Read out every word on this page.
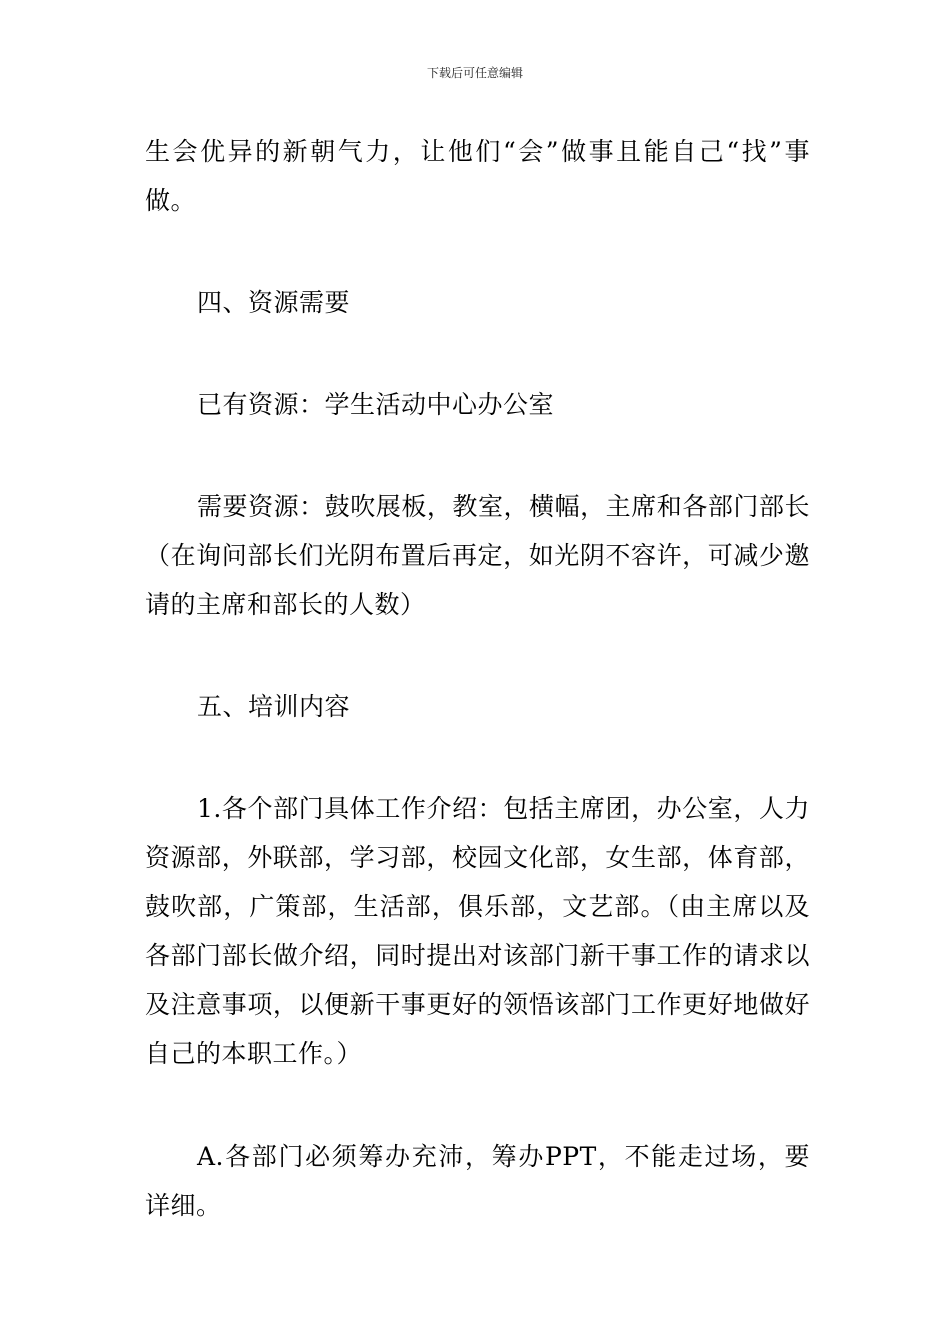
下载后可任意编辑

生会优异的新朝气力，让他们“会”做事且能自己“找”事做。

四、资源需要

已有资源：学生活动中心办公室

需要资源：鼓吹展板，教室，横幅，主席和各部门部长（在询问部长们光阴布置后再定，如光阴不容许，可减少邀请的主席和部长的人数）

五、培训内容

1.各个部门具体工作介绍：包括主席团，办公室，人力资源部，外联部，学习部，校园文化部，女生部，体育部，鼓吹部，广策部，生活部，俱乐部，文艺部。（由主席以及各部门部长做介绍，同时提出对该部门新干事工作的请求以及注意事项，以便新干事更好的领悟该部门工作更好地做好自己的本职工作。）

A.各部门必须筹办充沛，筹办PPT，不能走过场，要详细。
